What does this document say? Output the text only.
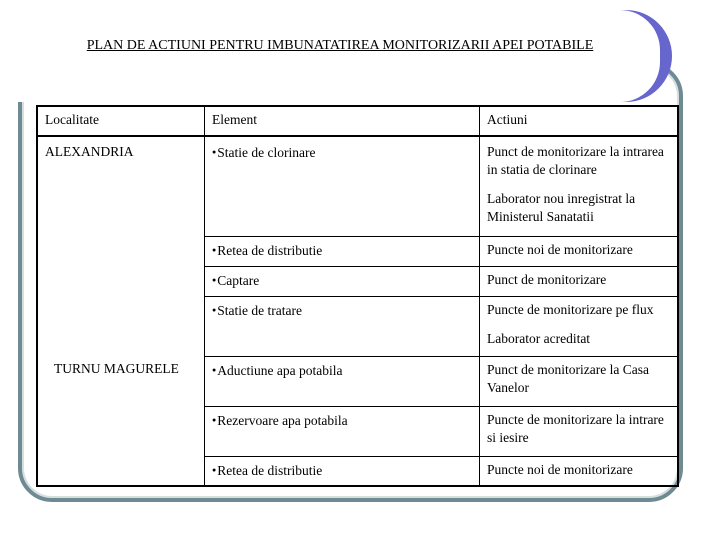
PLAN DE ACTIUNI PENTRU IMBUNATATIREA MONITORIZARII APEI POTABILE
Localitate	Element	Actiuni
ALEXANDRIA	● Statie de clorinare	Punct de monitorizare la intrarea in statia de clorinare
		Laborator nou inregistrat la Ministerul Sanatatii
	● Retea de distributie	Puncte noi de monitorizare
	● Captare	Punct de monitorizare
	● Statie de tratare	Puncte de monitorizare pe flux
		Laborator acreditat
TURNU MAGURELE	● Aductiune apa potabila	Punct de monitorizare la Casa Vanelor
	● Rezervoare apa potabila	Puncte de monitorizare la intrare si iesire
	● Retea de distributie	Puncte noi de monitorizare
